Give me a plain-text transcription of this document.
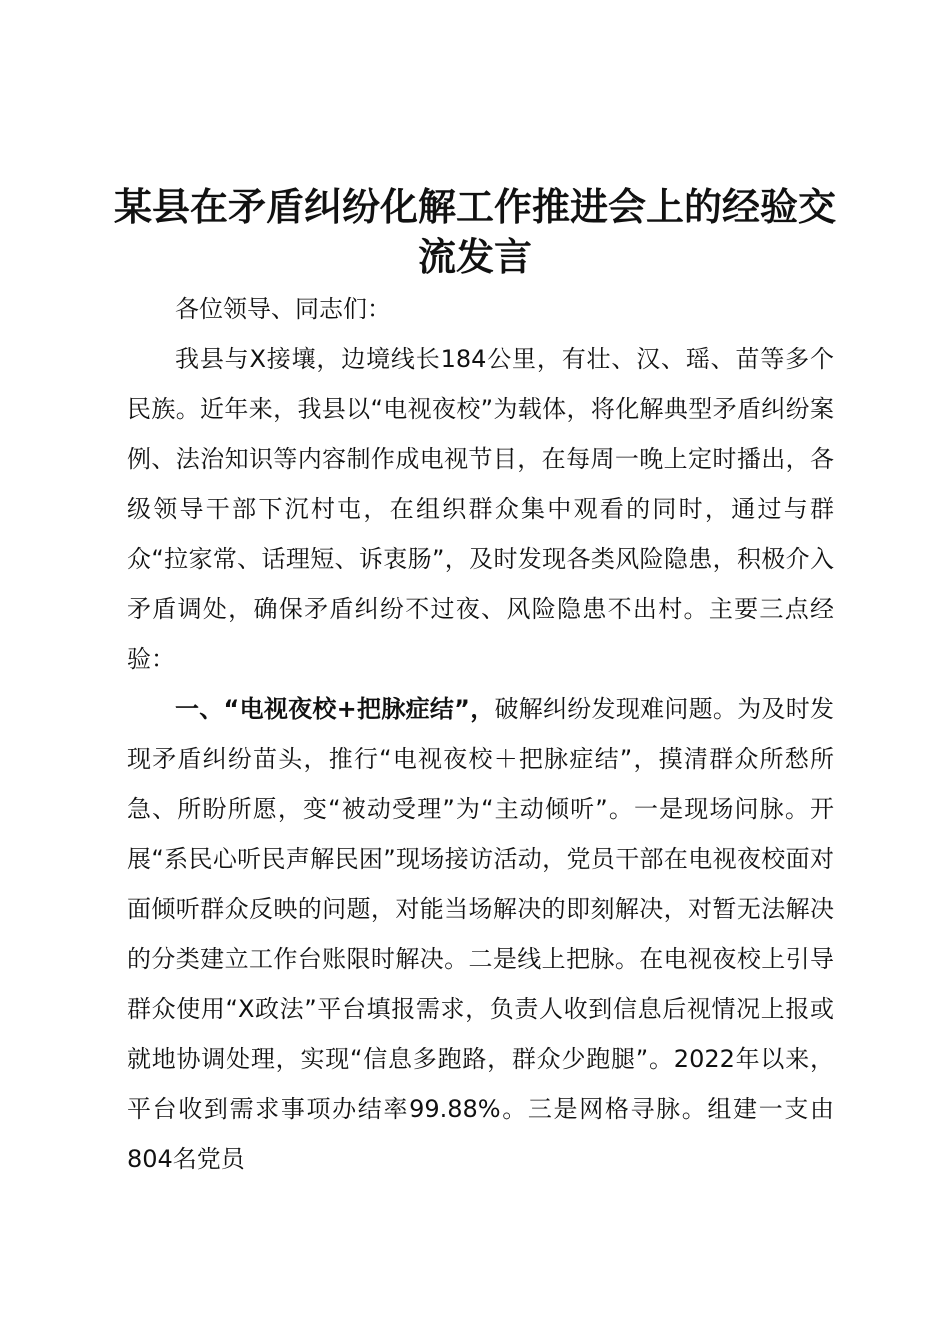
某县在矛盾纠纷化解工作推进会上的经验交流发言

各位领导、同志们：

我县与X接壤，边境线长184公里，有壮、汉、瑶、苗等多个民族。近年来，我县以“电视夜校”为载体，将化解典型矛盾纠纷案例、法治知识等内容制作成电视节目，在每周一晚上定时播出，各级领导干部下沉村屯，在组织群众集中观看的同时，通过与群众“拉家常、话理短、诉衷肠”，及时发现各类风险隐患，积极介入矛盾调处，确保矛盾纠纷不过夜、风险隐患不出村。主要三点经验：

一、“电视夜校+把脉症结”，破解纠纷发现难问题。为及时发现矛盾纠纷苗头，推行“电视夜校＋把脉症结”，摸清群众所愁所急、所盼所愿，变“被动受理”为“主动倾听”。一是现场问脉。开展“系民心听民声解民困”现场接访活动，党员干部在电视夜校面对面倾听群众反映的问题，对能当场解决的即刻解决，对暂无法解决的分类建立工作台账限时解决。二是线上把脉。在电视夜校上引导群众使用“X政法”平台填报需求，负责人收到信息后视情况上报或就地协调处理，实现“信息多跑路，群众少跑腿”。2022年以来，平台收到需求事项办结率99.88%。三是网格寻脉。组建一支由804名党员
